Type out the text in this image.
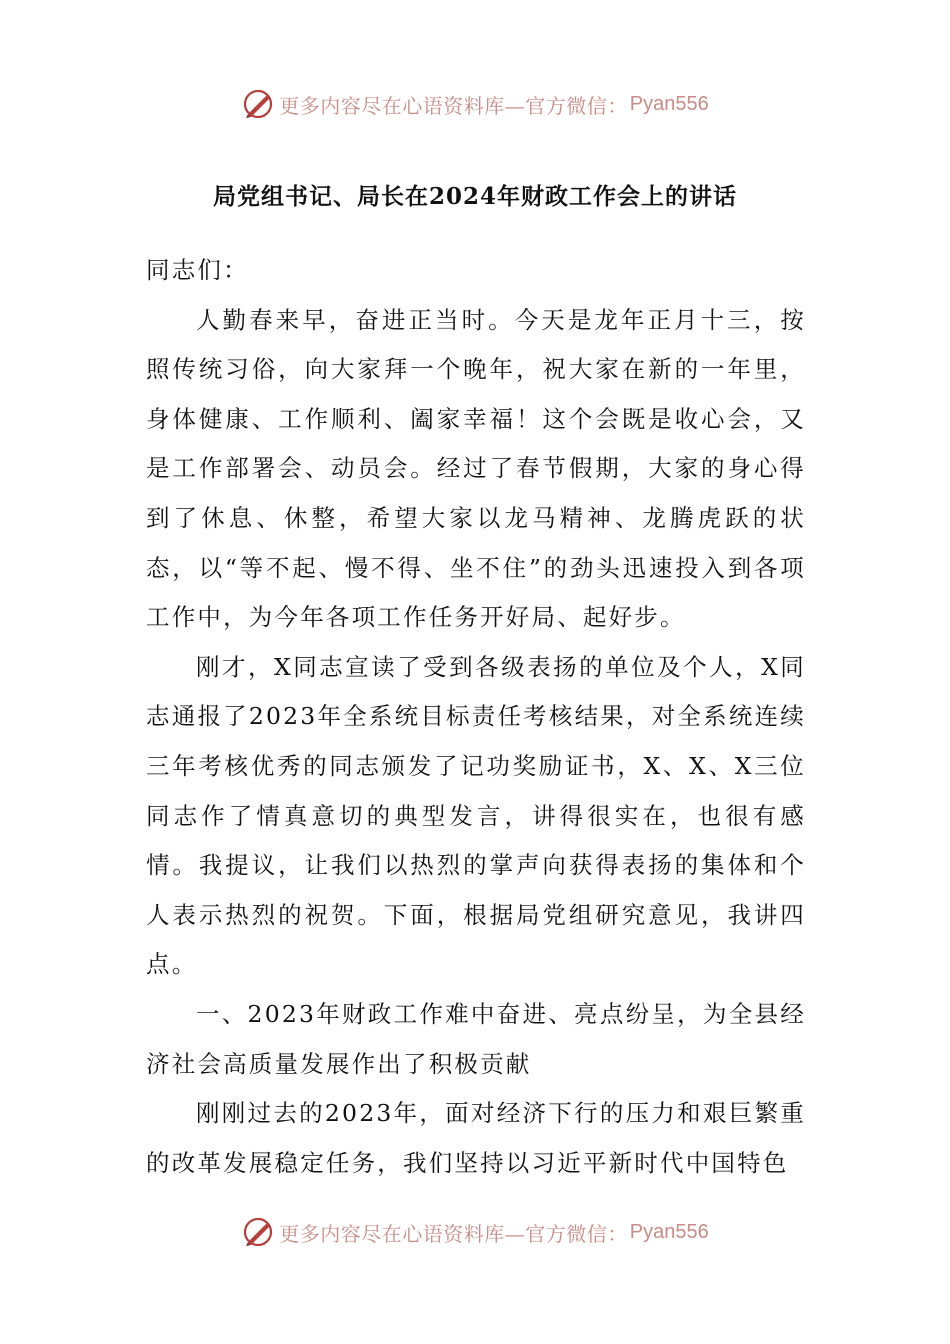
更多内容尽在心语资料库—官方微信： Pyan556
局党组书记、局长在2024年财政工作会上的讲话

同志们：

人勤春来早，奋进正当时。今天是龙年正月十三，按照传统习俗，向大家拜一个晚年，祝大家在新的一年里，身体健康、工作顺利、阖家幸福！这个会既是收心会，又是工作部署会、动员会。经过了春节假期，大家的身心得到了休息、休整，希望大家以龙马精神、龙腾虎跃的状态，以“等不起、慢不得、坐不住”的劲头迅速投入到各项工作中，为今年各项工作任务开好局、起好步。

刚才，X同志宣读了受到各级表扬的单位及个人，X同志通报了2023年全系统目标责任考核结果，对全系统连续三年考核优秀的同志颁发了记功奖励证书，X、X、X三位同志作了情真意切的典型发言，讲得很实在，也很有感情。我提议，让我们以热烈的掌声向获得表扬的集体和个人表示热烈的祝贺。下面，根据局党组研究意见，我讲四点。

一、2023年财政工作难中奋进、亮点纷呈，为全县经济社会高质量发展作出了积极贡献

刚刚过去的2023年，面对经济下行的压力和艰巨繁重的改革发展稳定任务，我们坚持以习近平新时代中国特色

更多内容尽在心语资料库—官方微信： Pyan556
